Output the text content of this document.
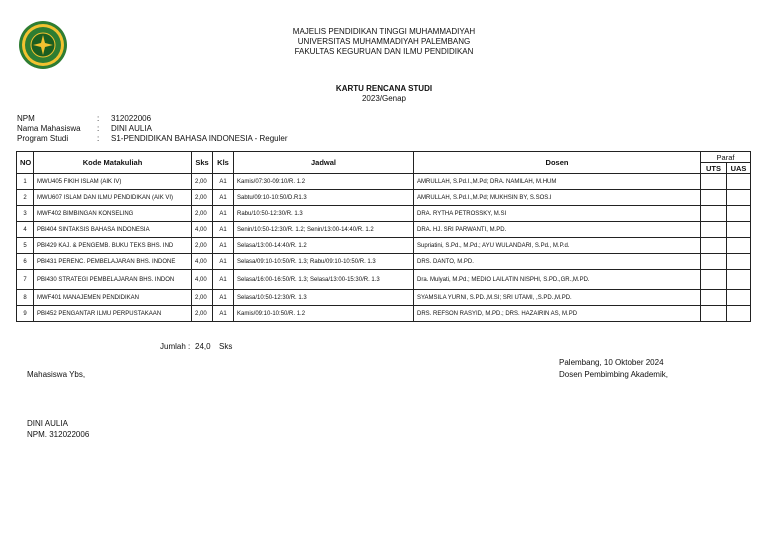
MAJELIS PENDIDIKAN TINGGI MUHAMMADIYAH
UNIVERSITAS MUHAMMADIYAH PALEMBANG
FAKULTAS KEGURUAN DAN ILMU PENDIDIKAN
KARTU RENCANA STUDI
2023/Genap
NPM	:	312022006
Nama Mahasiswa	:	DINI AULIA
Program Studi	:	S1-PENDIDIKAN BAHASA INDONESIA - Reguler
NO	Kode Matakuliah	Sks	Kls	Jadwal	Dosen	Paraf	
						UTS	UAS
1	MWU405 FIKIH ISLAM (AIK IV)	2,00	A1	Kamis/07:30-09:10/R. 1.2	AMRULLAH, S.Pd.I.,M.Pd; DRA. NAMILAH, M.HUM		
2	MWU607 ISLAM DAN ILMU PENDIDIKAN (AIK VI)	2,00	A1	Sabtu/09:10-10:50/D.R1.3	AMRULLAH, S.Pd.I.,M.Pd; MUKHSIN BY, S.SOS.I		
3	MWF402 BIMBINGAN KONSELING	2,00	A1	Rabu/10:50-12:30/R. 1.3	DRA. RYTHA PETROSSKY, M.SI		
4	PBI404 SINTAKSIS BAHASA INDONESIA	4,00	A1	Senin/10:50-12:30/R. 1.2; Senin/13:00-14:40/R. 1.2	DRA. HJ. SRI PARWANTI, M.PD.		
5	PBI429 KAJ. & PENGEMB. BUKU TEKS BHS. IND	2,00	A1	Selasa/13:00-14:40/R. 1.2	Supriatini, S.Pd., M.Pd.; AYU WULANDARI, S.Pd., M.P.d.		
6	PBI431 PERENC. PEMBELAJARAN BHS. INDONE	4,00	A1	Selasa/09:10-10:50/R. 1.3; Rabu/09:10-10:50/R. 1.3	DRS. DANTO, M.PD.		
7	PBI430 STRATEGI PEMBELAJARAN BHS. INDON	4,00	A1	Selasa/16:00-16:50/R. 1.3; Selasa/13:00-15:30/R. 1.3	Dra. Mulyati, M.Pd.; MEDIO LAILATIN NISPHI, S.PD.,GR.,M.PD.		
8	MWF401 MANAJEMEN PENDIDIKAN	2,00	A1	Selasa/10:50-12:30/R. 1.3	SYAMSILA YURNI, S.PD.,M.SI; SRI UTAMI, ,S.PD.,M.PD.		
9	PBI452 PENGANTAR ILMU PERPUSTAKAAN	2,00	A1	Kamis/09:10-10:50/R. 1.2	DRS. REFSON RASYID, M.PD.; DRS. HAZAIRIN AS, M.PD		
Jumlah : 24,0 Sks
Mahasiswa Ybs,
Palembang, 10 Oktober 2024
Dosen Pembimbing Akademik,
DINI AULIA
NPM. 312022006
